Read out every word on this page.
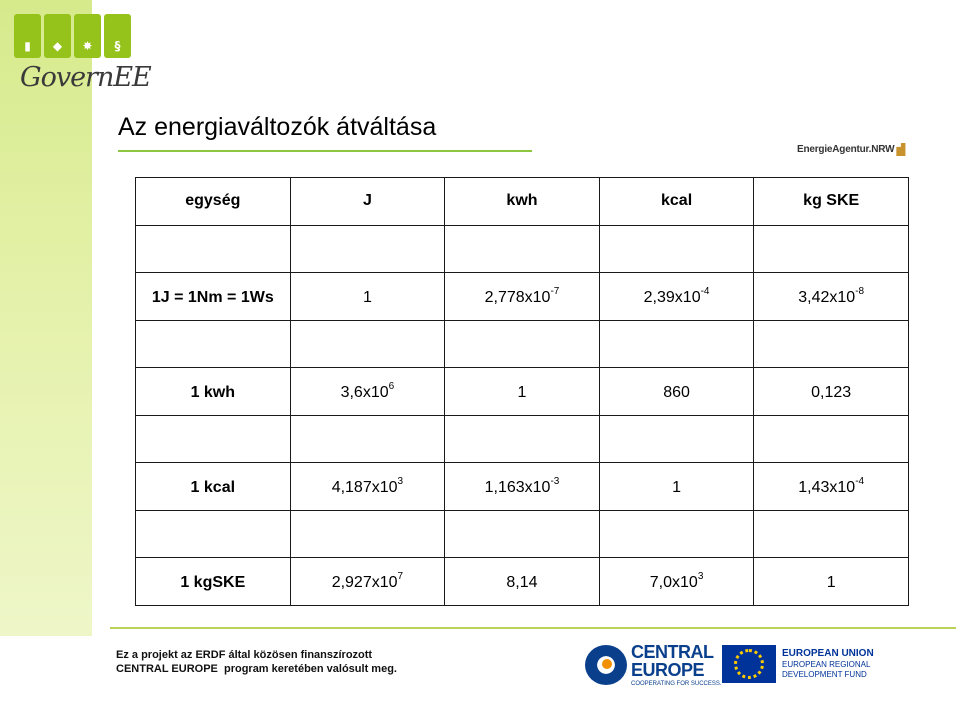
▮ ◆ ✸ §
GovernEE
Az energiaváltozók átváltása
EnergieAgentur.NRW
egység	J	kwh	kcal	kg SKE

1J = 1Nm = 1Ws	1	$2,778x10^{-7}$	$2,39x10^{-4}$	$3,42x10^{-8}$

1 kwh	$3,6x10^6$	1	860	0,123

1 kcal	$4,187x10^3$	$1,163x10^{-3}$	1	$1,43x10^{-4}$

1 kgSKE	$2,927x10^7$	8,14	$7,0x10^3$	1
Ez a projekt az ERDF által közösen finanszírozott
CENTRAL EUROPE  program keretében valósult meg.
CENTRAL
EUROPE
COOPERATING FOR SUCCESS.
EUROPEAN UNION
EUROPEAN REGIONAL
DEVELOPMENT FUND
